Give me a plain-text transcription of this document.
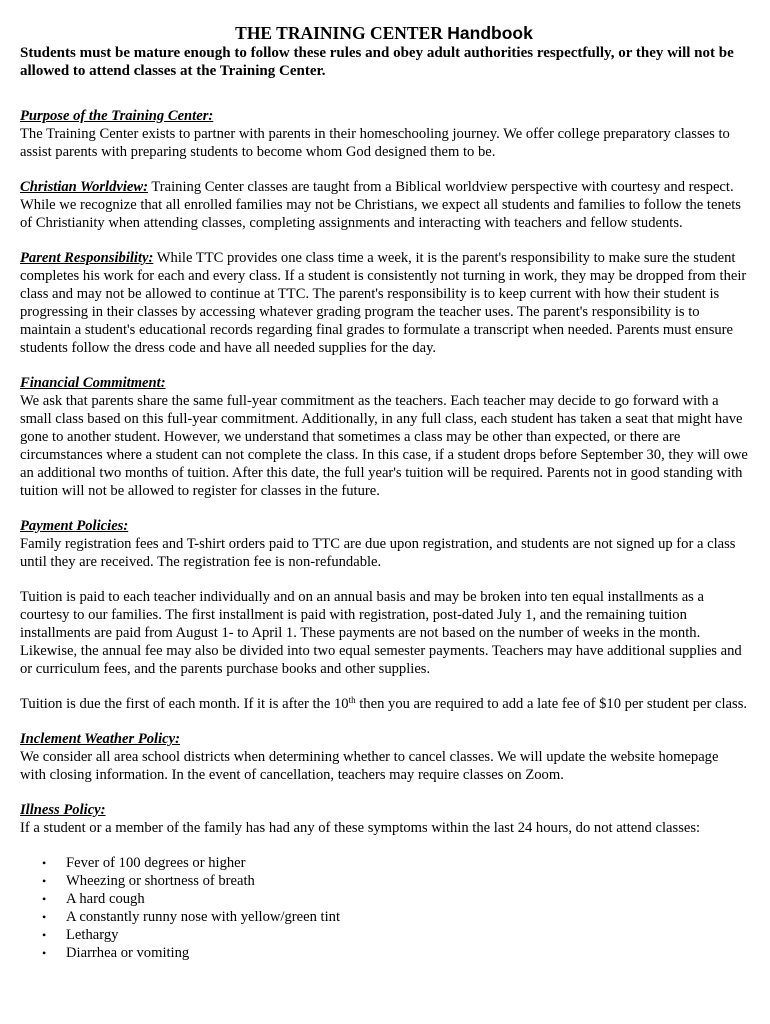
THE TRAINING CENTER Handbook

Students must be mature enough to follow these rules and obey adult authorities respectfully, or they will not be allowed to attend classes at the Training Center.

Purpose of the Training Center:

The Training Center exists to partner with parents in their homeschooling journey. We offer college preparatory classes to assist parents with preparing students to become whom God designed them to be.

Christian Worldview: Training Center classes are taught from a Biblical worldview perspective with courtesy and respect. While we recognize that all enrolled families may not be Christians, we expect all students and families to follow the tenets of Christianity when attending classes, completing assignments and interacting with teachers and fellow students.
Parent Responsibility: While TTC provides one class time a week, it is the parent's responsibility to make sure the student completes his work for each and every class. If a student is consistently not turning in work, they may be dropped from their class and may not be allowed to continue at TTC. The parent's responsibility is to keep current with how their student is progressing in their classes by accessing whatever grading program the teacher uses. The parent's responsibility is to maintain a student's educational records regarding final grades to formulate a transcript when needed. Parents must ensure students follow the dress code and have all needed supplies for the day.
Financial Commitment:

We ask that parents share the same full-year commitment as the teachers. Each teacher may decide to go forward with a small class based on this full-year commitment. Additionally, in any full class, each student has taken a seat that might have gone to another student. However, we understand that sometimes a class may be other than expected, or there are circumstances where a student can not complete the class. In this case, if a student drops before September 30, they will owe an additional two months of tuition. After this date, the full year's tuition will be required. Parents not in good standing with tuition will not be allowed to register for classes in the future.

Payment Policies:

Family registration fees and T-shirt orders paid to TTC are due upon registration, and students are not signed up for a class until they are received. The registration fee is non-refundable.

Tuition is paid to each teacher individually and on an annual basis and may be broken into ten equal installments as a courtesy to our families. The first installment is paid with registration, post-dated July 1, and the remaining tuition installments are paid from August 1- to April 1. These payments are not based on the number of weeks in the month. Likewise, the annual fee may also be divided into two equal semester payments. Teachers may have additional supplies and or curriculum fees, and the parents purchase books and other supplies.

Tuition is due the first of each month. If it is after the 10th then you are required to add a late fee of $10 per student per class.

Inclement Weather Policy:

We consider all area school districts when determining whether to cancel classes. We will update the website homepage with closing information. In the event of cancellation, teachers may require classes on Zoom.

Illness Policy:

If a student or a member of the family has had any of these symptoms within the last 24 hours, do not attend classes:

• Fever of 100 degrees or higher
• Wheezing or shortness of breath
• A hard cough
• A constantly runny nose with yellow/green tint
• Lethargy
• Diarrhea or vomiting
